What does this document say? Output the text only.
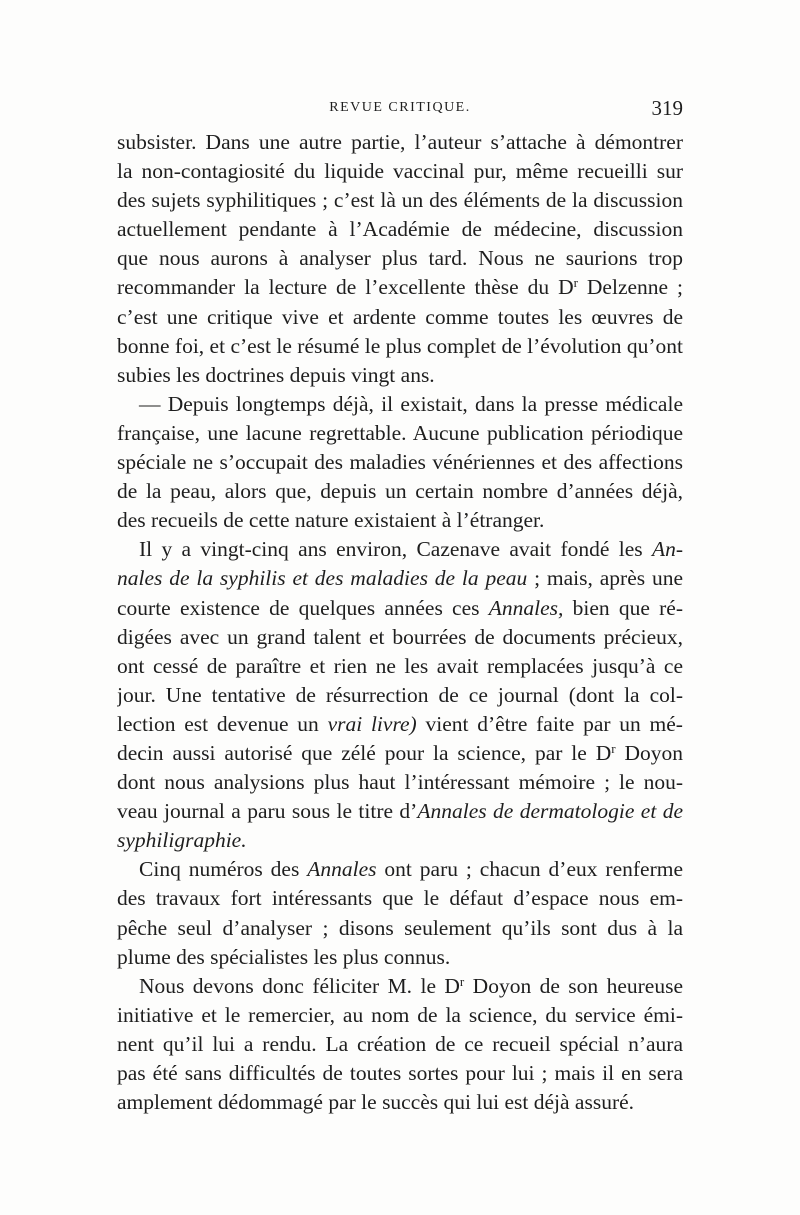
REVUE CRITIQUE.	319
subsister. Dans une autre partie, l’auteur s’attache à démontrer
la non-contagiosité du liquide vaccinal pur, même recueilli sur
des sujets syphilitiques ; c’est là un des éléments de la discussion
actuellement pendante à l’Académie de médecine, discussion
que nous aurons à analyser plus tard. Nous ne saurions trop
recommander la lecture de l’excellente thèse du $D^r$ Delzenne ;
c’est une critique vive et ardente comme toutes les œuvres de
bonne foi, et c’est le résumé le plus complet de l’évolution qu’ont
subies les doctrines depuis vingt ans.
— Depuis longtemps déjà, il existait, dans la presse médicale
française, une lacune regrettable. Aucune publication périodique
spéciale ne s’occupait des maladies vénériennes et des affections
de la peau, alors que, depuis un certain nombre d’années déjà,
des recueils de cette nature existaient à l’étranger.
Il y a vingt-cinq ans environ, Cazenave avait fondé les An-
nales de la syphilis et des maladies de la peau ; mais, après une
courte existence de quelques années ces Annales, bien que ré-
digées avec un grand talent et bourrées de documents précieux,
ont cessé de paraître et rien ne les avait remplacées jusqu’à ce
jour. Une tentative de résurrection de ce journal (dont la col-
lection est devenue un vrai livre) vient d’être faite par un mé-
decin aussi autorisé que zélé pour la science, par le $D^r$ Doyon
dont nous analysions plus haut l’intéressant mémoire ; le nou-
veau journal a paru sous le titre d’Annales de dermatologie et de
syphiligraphie.
Cinq numéros des Annales ont paru ; chacun d’eux renferme
des travaux fort intéressants que le défaut d’espace nous em-
pêche seul d’analyser ; disons seulement qu’ils sont dus à la
plume des spécialistes les plus connus.
Nous devons donc féliciter M. le $D^r$ Doyon de son heureuse
initiative et le remercier, au nom de la science, du service émi-
nent qu’il lui a rendu. La création de ce recueil spécial n’aura
pas été sans difficultés de toutes sortes pour lui ; mais il en sera
amplement dédommagé par le succès qui lui est déjà assuré.
